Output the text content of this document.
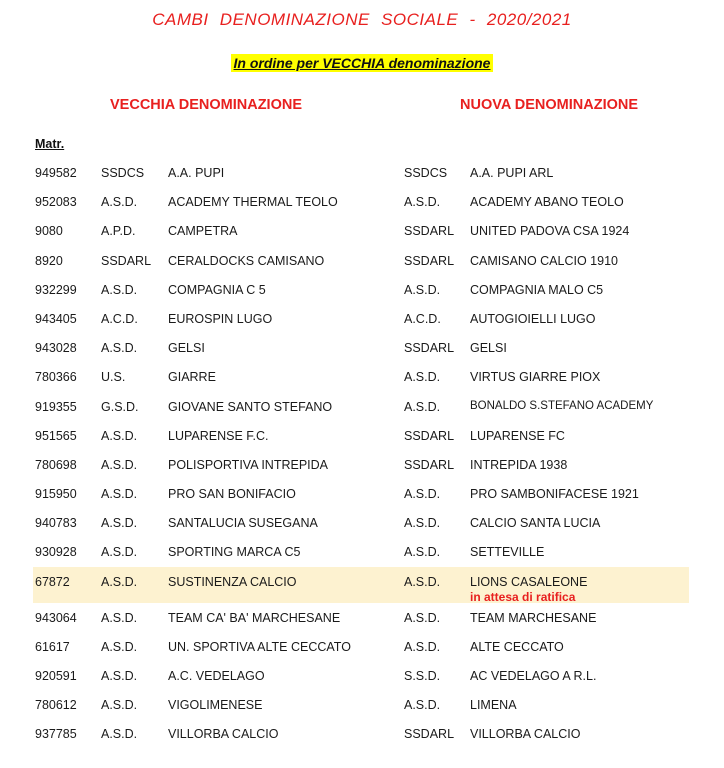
CAMBI DENOMINAZIONE SOCIALE - 2020/2021
In ordine per VECCHIA denominazione
VECCHIA DENOMINAZIONE	NUOVA DENOMINAZIONE
Matr.
949582 SSDCS A.A. PUPI	SSDCS A.A. PUPI ARL
952083 A.S.D. ACADEMY THERMAL TEOLO	A.S.D. ACADEMY ABANO TEOLO
9080	A.P.D.	CAMPETRA	SSDARL UNITED PADOVA CSA 1924
8920	SSDARL CERALDOCKS CAMISANO	SSDARL CAMISANO CALCIO 1910
932299 A.S.D. COMPAGNIA C 5	A.S.D. COMPAGNIA MALO C5
943405 A.C.D. EUROSPIN LUGO	A.C.D. AUTOGIOIELLI LUGO
943028 A.S.D. GELSI	SSDARL GELSI
780366 U.S.	GIARRE	A.S.D. VIRTUS GIARRE PIOX
919355 G.S.D. GIOVANE SANTO STEFANO	A.S.D.	BONALDO S.STEFANO ACADEMY
951565 A.S.D. LUPARENSE F.C.	SSDARL LUPARENSE FC
780698 A.S.D. POLISPORTIVA INTREPIDA	SSDARL INTREPIDA 1938
915950 A.S.D. PRO SAN BONIFACIO	A.S.D. PRO SAMBONIFACESE 1921
940783 A.S.D. SANTALUCIA SUSEGANA	A.S.D. CALCIO SANTA LUCIA
930928 A.S.D. SPORTING MARCA C5	A.S.D. SETTEVILLE
67872 A.S.D. SUSTINENZA CALCIO	A.S.D. LIONS CASALEONE
in attesa di ratifica
943064 A.S.D. TEAM CA' BA' MARCHESANE	A.S.D. TEAM MARCHESANE
61617 A.S.D. UN. SPORTIVA ALTE CECCATO	A.S.D. ALTE CECCATO
920591 A.S.D. A.C. VEDELAGO	S.S.D. AC VEDELAGO A R.L.
780612 A.S.D. VIGOLIMENESE	A.S.D. LIMENA
937785 A.S.D. VILLORBA CALCIO	SSDARL VILLORBA CALCIO
